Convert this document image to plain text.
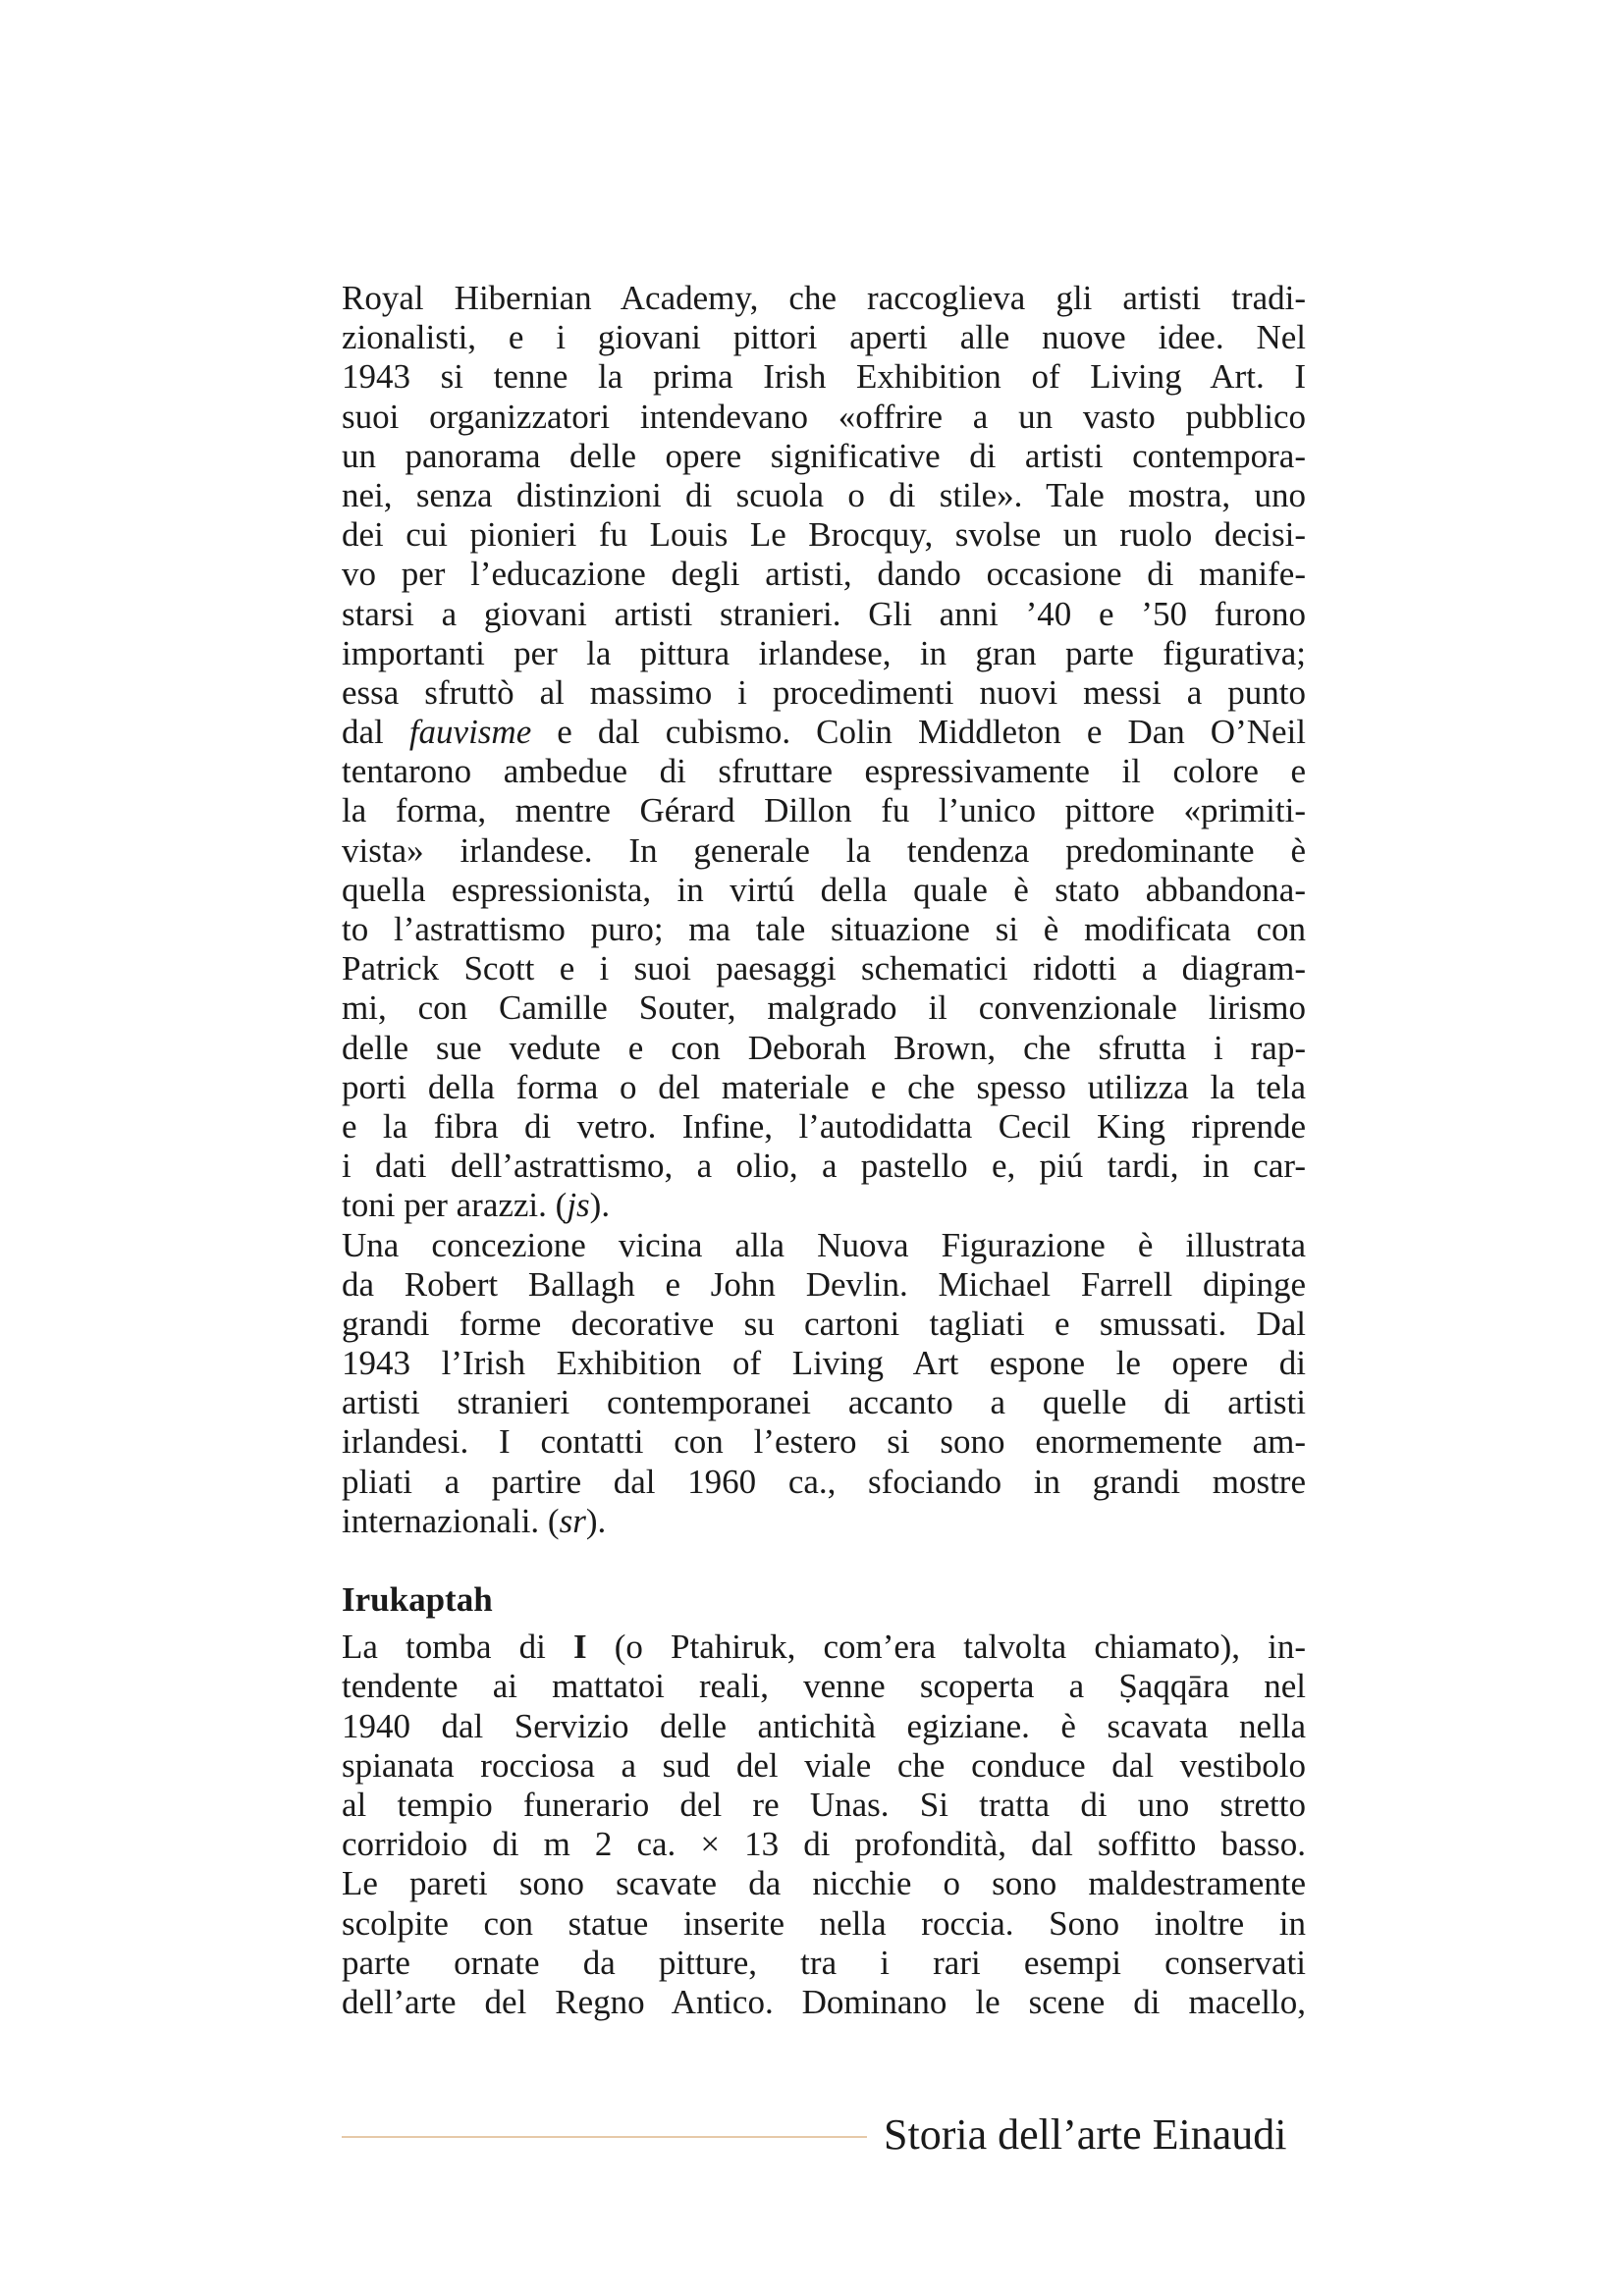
Royal Hibernian Academy, che raccoglieva gli artisti tradi-
zionalisti, e i giovani pittori aperti alle nuove idee. Nel
1943 si tenne la prima Irish Exhibition of Living Art. I
suoi organizzatori intendevano «offrire a un vasto pubblico
un panorama delle opere significative di artisti contempora-
nei, senza distinzioni di scuola o di stile». Tale mostra, uno
dei cui pionieri fu Louis Le Brocquy, svolse un ruolo decisi-
vo per l’educazione degli artisti, dando occasione di manife-
starsi a giovani artisti stranieri. Gli anni ’40 e ’50 furono
importanti per la pittura irlandese, in gran parte figurativa;
essa sfruttò al massimo i procedimenti nuovi messi a punto
dal fauvisme e dal cubismo. Colin Middleton e Dan O’Neil
tentarono ambedue di sfruttare espressivamente il colore e
la forma, mentre Gérard Dillon fu l’unico pittore «primiti-
vista» irlandese. In generale la tendenza predominante è
quella espressionista, in virtú della quale è stato abbandona-
to l’astrattismo puro; ma tale situazione si è modificata con
Patrick Scott e i suoi paesaggi schematici ridotti a diagram-
mi, con Camille Souter, malgrado il convenzionale lirismo
delle sue vedute e con Deborah Brown, che sfrutta i rap-
porti della forma o del materiale e che spesso utilizza la tela
e la fibra di vetro. Infine, l’autodidatta Cecil King riprende
i dati dell’astrattismo, a olio, a pastello e, piú tardi, in car-
toni per arazzi. (js).
Una concezione vicina alla Nuova Figurazione è illustrata
da Robert Ballagh e John Devlin. Michael Farrell dipinge
grandi forme decorative su cartoni tagliati e smussati. Dal
1943 l’Irish Exhibition of Living Art espone le opere di
artisti stranieri contemporanei accanto a quelle di artisti
irlandesi. I contatti con l’estero si sono enormemente am-
pliati a partire dal 1960 ca., sfociando in grandi mostre
internazionali. (sr).
Irukaptah
La tomba di I (o Ptahiruk, com’era talvolta chiamato), in-
tendente ai mattatoi reali, venne scoperta a Ṣaqqāra nel
1940 dal Servizio delle antichità egiziane. è scavata nella
spianata rocciosa a sud del viale che conduce dal vestibolo
al tempio funerario del re Unas. Si tratta di uno stretto
corridoio di m 2 ca. × 13 di profondità, dal soffitto basso.
Le pareti sono scavate da nicchie o sono maldestramente
scolpite con statue inserite nella roccia. Sono inoltre in
parte ornate da pitture, tra i rari esempi conservati
dell’arte del Regno Antico. Dominano le scene di macello,
Storia dell’arte Einaudi
